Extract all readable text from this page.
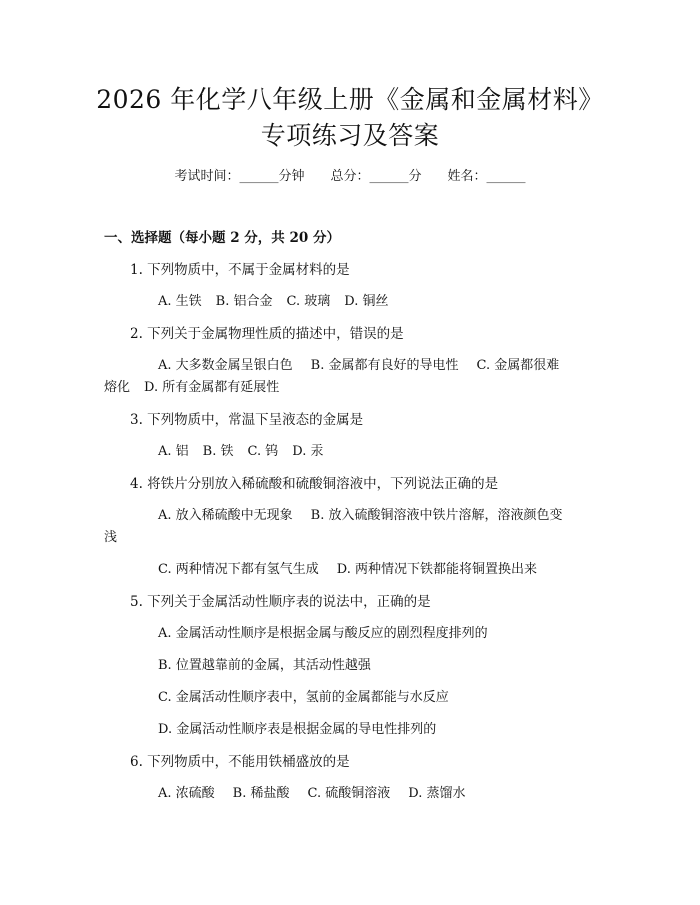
2026 年化学八年级上册《金属和金属材料》
专项练习及答案
考试时间：______分钟 总分：______分 姓名：______
一、选择题（每小题 2 分，共 20 分）
1. 下列物质中，不属于金属材料的是
A. 生铁 B. 铝合金 C. 玻璃 D. 铜丝
2. 下列关于金属物理性质的描述中，错误的是
A. 大多数金属呈银白色 B. 金属都有良好的导电性 C. 金属都很难
熔化 D. 所有金属都有延展性
3. 下列物质中，常温下呈液态的金属是
A. 铝 B. 铁 C. 钨 D. 汞
4. 将铁片分别放入稀硫酸和硫酸铜溶液中，下列说法正确的是
A. 放入稀硫酸中无现象 B. 放入硫酸铜溶液中铁片溶解，溶液颜色变
浅
C. 两种情况下都有氢气生成 D. 两种情况下铁都能将铜置换出来
5. 下列关于金属活动性顺序表的说法中，正确的是
A. 金属活动性顺序是根据金属与酸反应的剧烈程度排列的
B. 位置越靠前的金属，其活动性越强
C. 金属活动性顺序表中，氢前的金属都能与水反应
D. 金属活动性顺序表是根据金属的导电性排列的
6. 下列物质中，不能用铁桶盛放的是
A. 浓硫酸 B. 稀盐酸 C. 硫酸铜溶液 D. 蒸馏水
